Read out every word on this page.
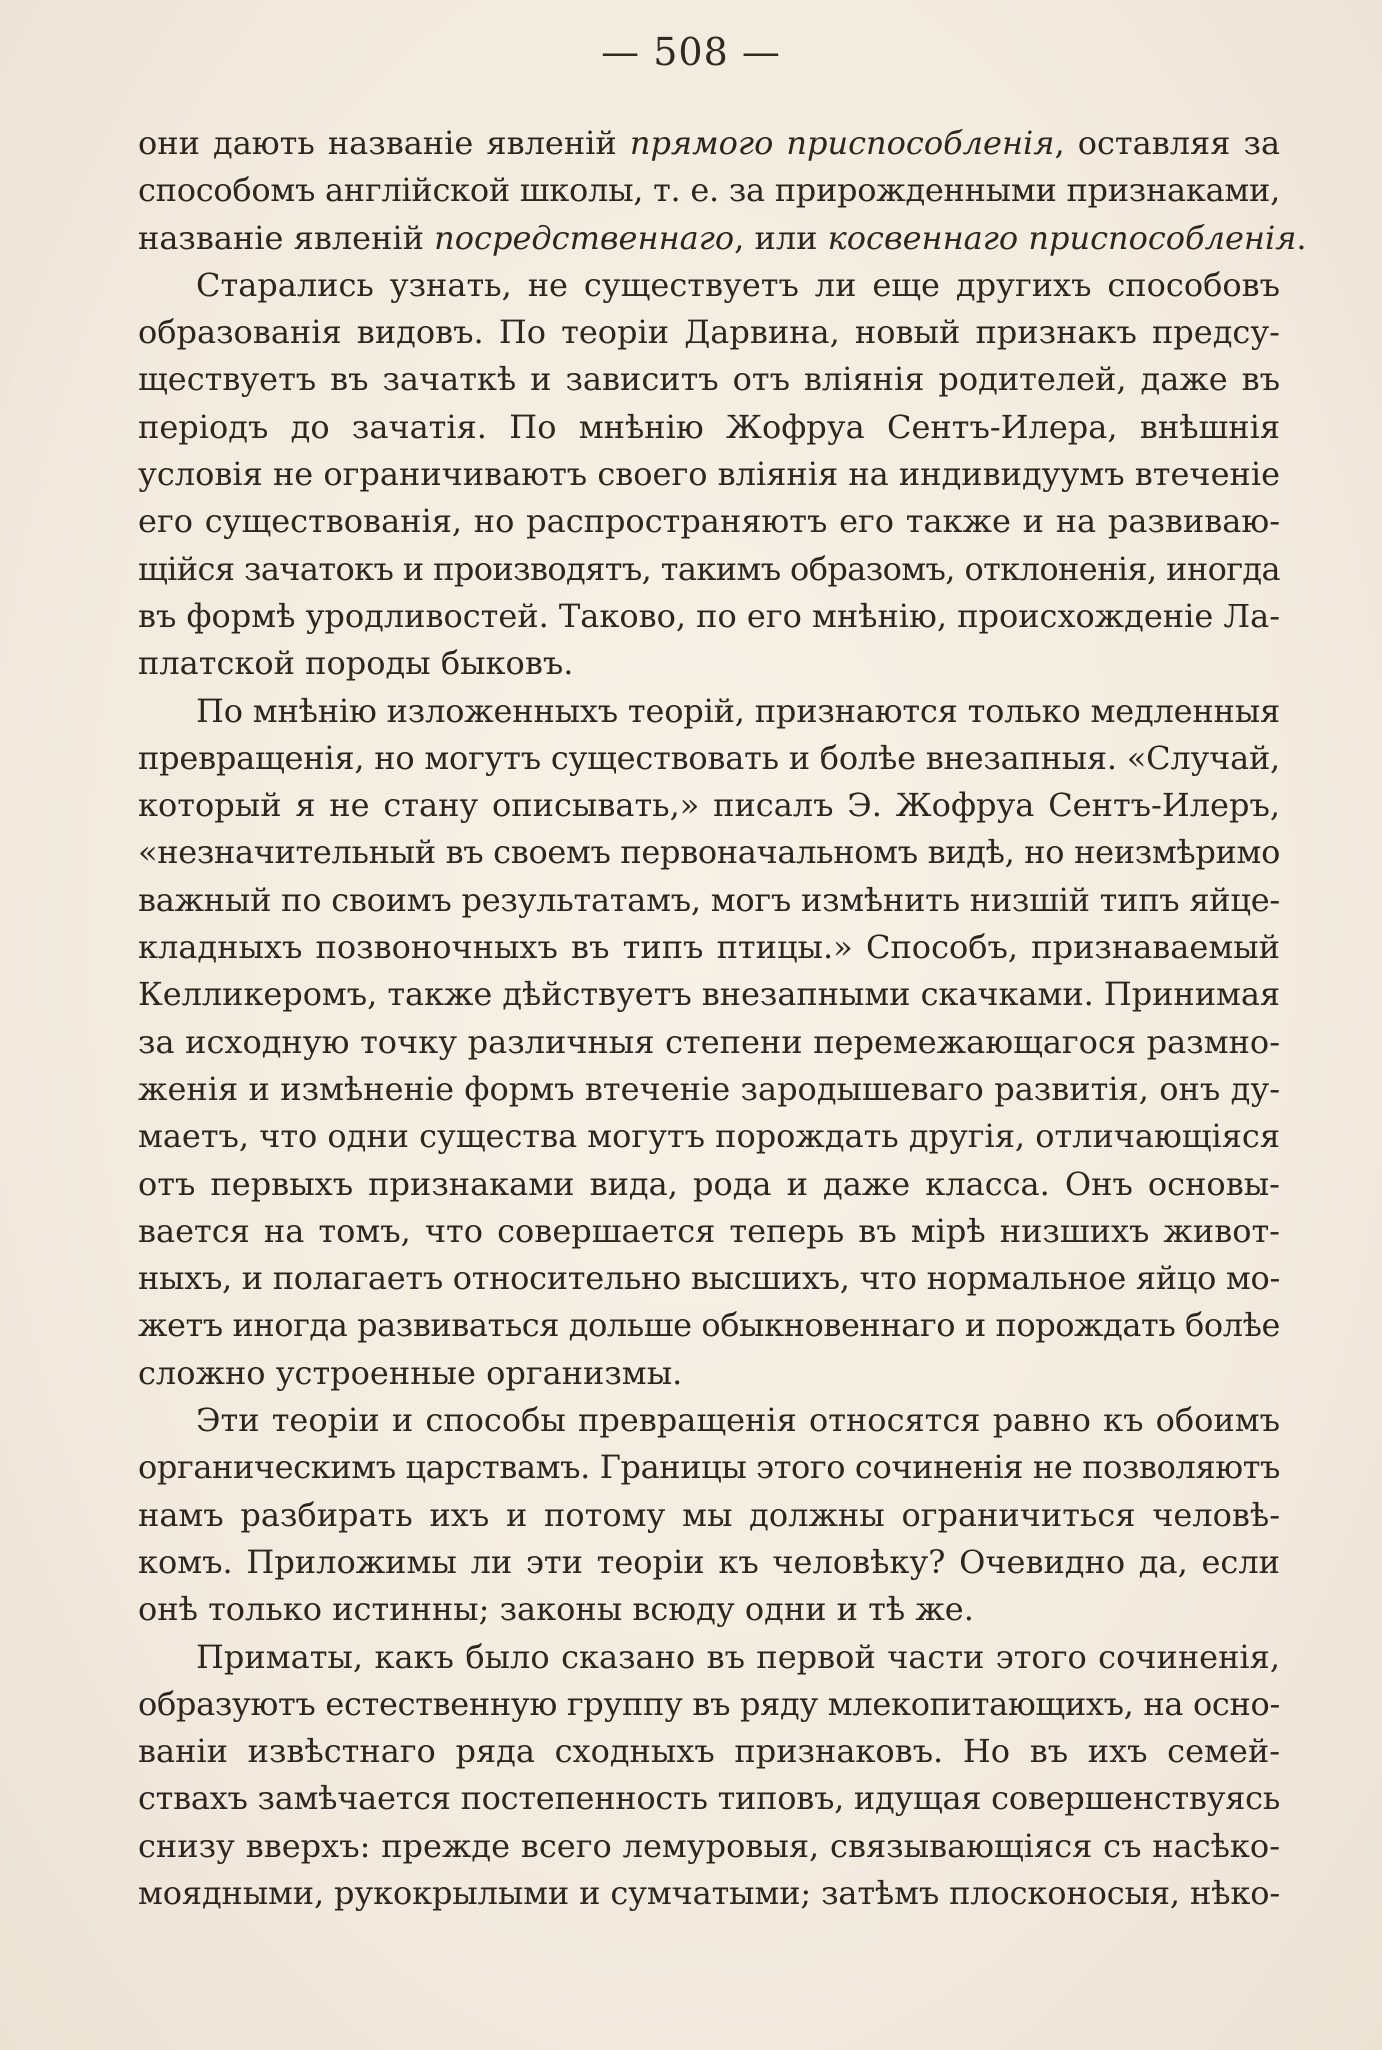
— 508 —
они дають названіе явленій прямого приспособленія, оставляя за
способомъ англійской школы, т. е. за прирожденными признаками,
названіе явленій посредственнаго , или косвеннаго приспособленія .
Старались узнать, не существуетъ ли еще другихъ способовъ
образованія видовъ. По теоріи Дарвина, новый признакъ предсу-
ществуетъ въ зачаткѣ и зависитъ отъ вліянія родителей, даже въ
періодъ до зачатія. По мнѣнію Жофруа Сентъ-Илера, внѣшнія
условія не ограничиваютъ своего вліянія на индивидуумъ втеченіе
его существованія, но распространяютъ его также и на развиваю-
щійся зачатокъ и производятъ, такимъ образомъ, отклоненія, иногда
въ формѣ уродливостей. Таково, по его мнѣнію, происхожденіе Ла-
платской породы быковъ.
По мнѣнію изложенныхъ теорій, признаются только медленныя
превращенія, но могутъ существовать и болѣе внезапныя. «Случай,
который я не стану описывать,» писалъ Э. Жофруа Сентъ-Илеръ,
«незначительный въ своемъ первоначальномъ видѣ, но неизмѣримо
важный по своимъ результатамъ, могъ измѣнить низшій типъ яйце-
кладныхъ позвоночныхъ въ типъ птицы.» Способъ, признаваемый
Келликеромъ, также дѣйствуетъ внезапными скачками. Принимая
за исходную точку различныя степени перемежающагося размно-
женія и измѣненіе формъ втеченіе зародышеваго развитія, онъ ду-
маетъ, что одни существа могутъ порождать другія, отличающіяся
отъ первыхъ признаками вида, рода и даже класса. Онъ основы-
вается на томъ, что совершается теперь въ мірѣ низшихъ живот-
ныхъ, и полагаетъ относительно высшихъ, что нормальное яйцо мо-
жетъ иногда развиваться дольше обыкновеннаго и порождать болѣе
сложно устроенные организмы.
Эти теоріи и способы превращенія относятся равно къ обоимъ
органическимъ царствамъ. Границы этого сочиненія не позволяютъ
намъ разбирать ихъ и потому мы должны ограничиться человѣ-
комъ. Приложимы ли эти теоріи къ человѣку? Очевидно да, если
онѣ только истинны; законы всюду одни и тѣ же.
Приматы, какъ было сказано въ первой части этого сочиненія,
образуютъ естественную группу въ ряду млекопитающихъ, на осно-
ваніи извѣстнаго ряда сходныхъ признаковъ. Но въ ихъ семей-
ствахъ замѣчается постепенность типовъ, идущая совершенствуясь
снизу вверхъ: прежде всего лемуровыя, связывающіяся съ насѣко-
моядными, рукокрылыми и сумчатыми; затѣмъ плосконосыя, нѣко-
